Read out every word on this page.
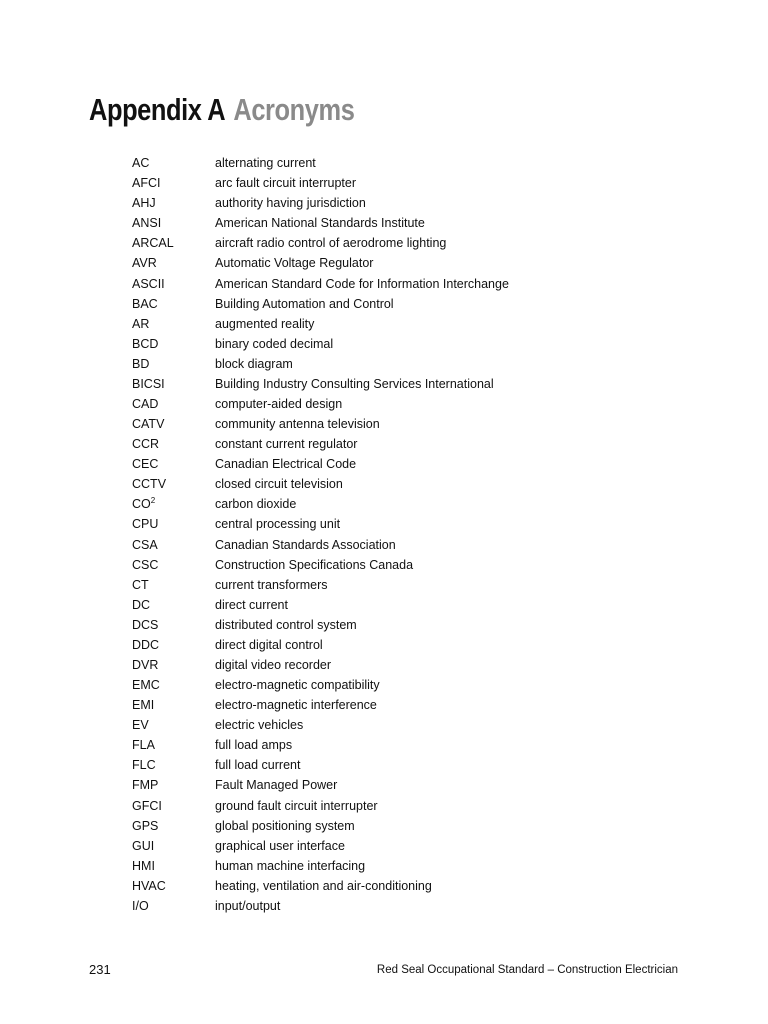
Appendix A Acronyms
AC	alternating current
AFCI	arc fault circuit interrupter
AHJ	authority having jurisdiction
ANSI	American National Standards Institute
ARCAL	aircraft radio control of aerodrome lighting
AVR	Automatic Voltage Regulator
ASCII	American Standard Code for Information Interchange
BAC	Building Automation and Control
AR	augmented reality
BCD	binary coded decimal
BD	block diagram
BICSI	Building Industry Consulting Services International
CAD	computer-aided design
CATV	community antenna television
CCR	constant current regulator
CEC	Canadian Electrical Code
CCTV	closed circuit television
$CO^2$	carbon dioxide
CPU	central processing unit
CSA	Canadian Standards Association
CSC	Construction Specifications Canada
CT	current transformers
DC	direct current
DCS	distributed control system
DDC	direct digital control
DVR	digital video recorder
EMC	electro-magnetic compatibility
EMI	electro-magnetic interference
EV	electric vehicles
FLA	full load amps
FLC	full load current
FMP	Fault Managed Power
GFCI	ground fault circuit interrupter
GPS	global positioning system
GUI	graphical user interface
HMI	human machine interfacing
HVAC	heating, ventilation and air-conditioning
I/O	input/output
231	Red Seal Occupational Standard – Construction Electrician
